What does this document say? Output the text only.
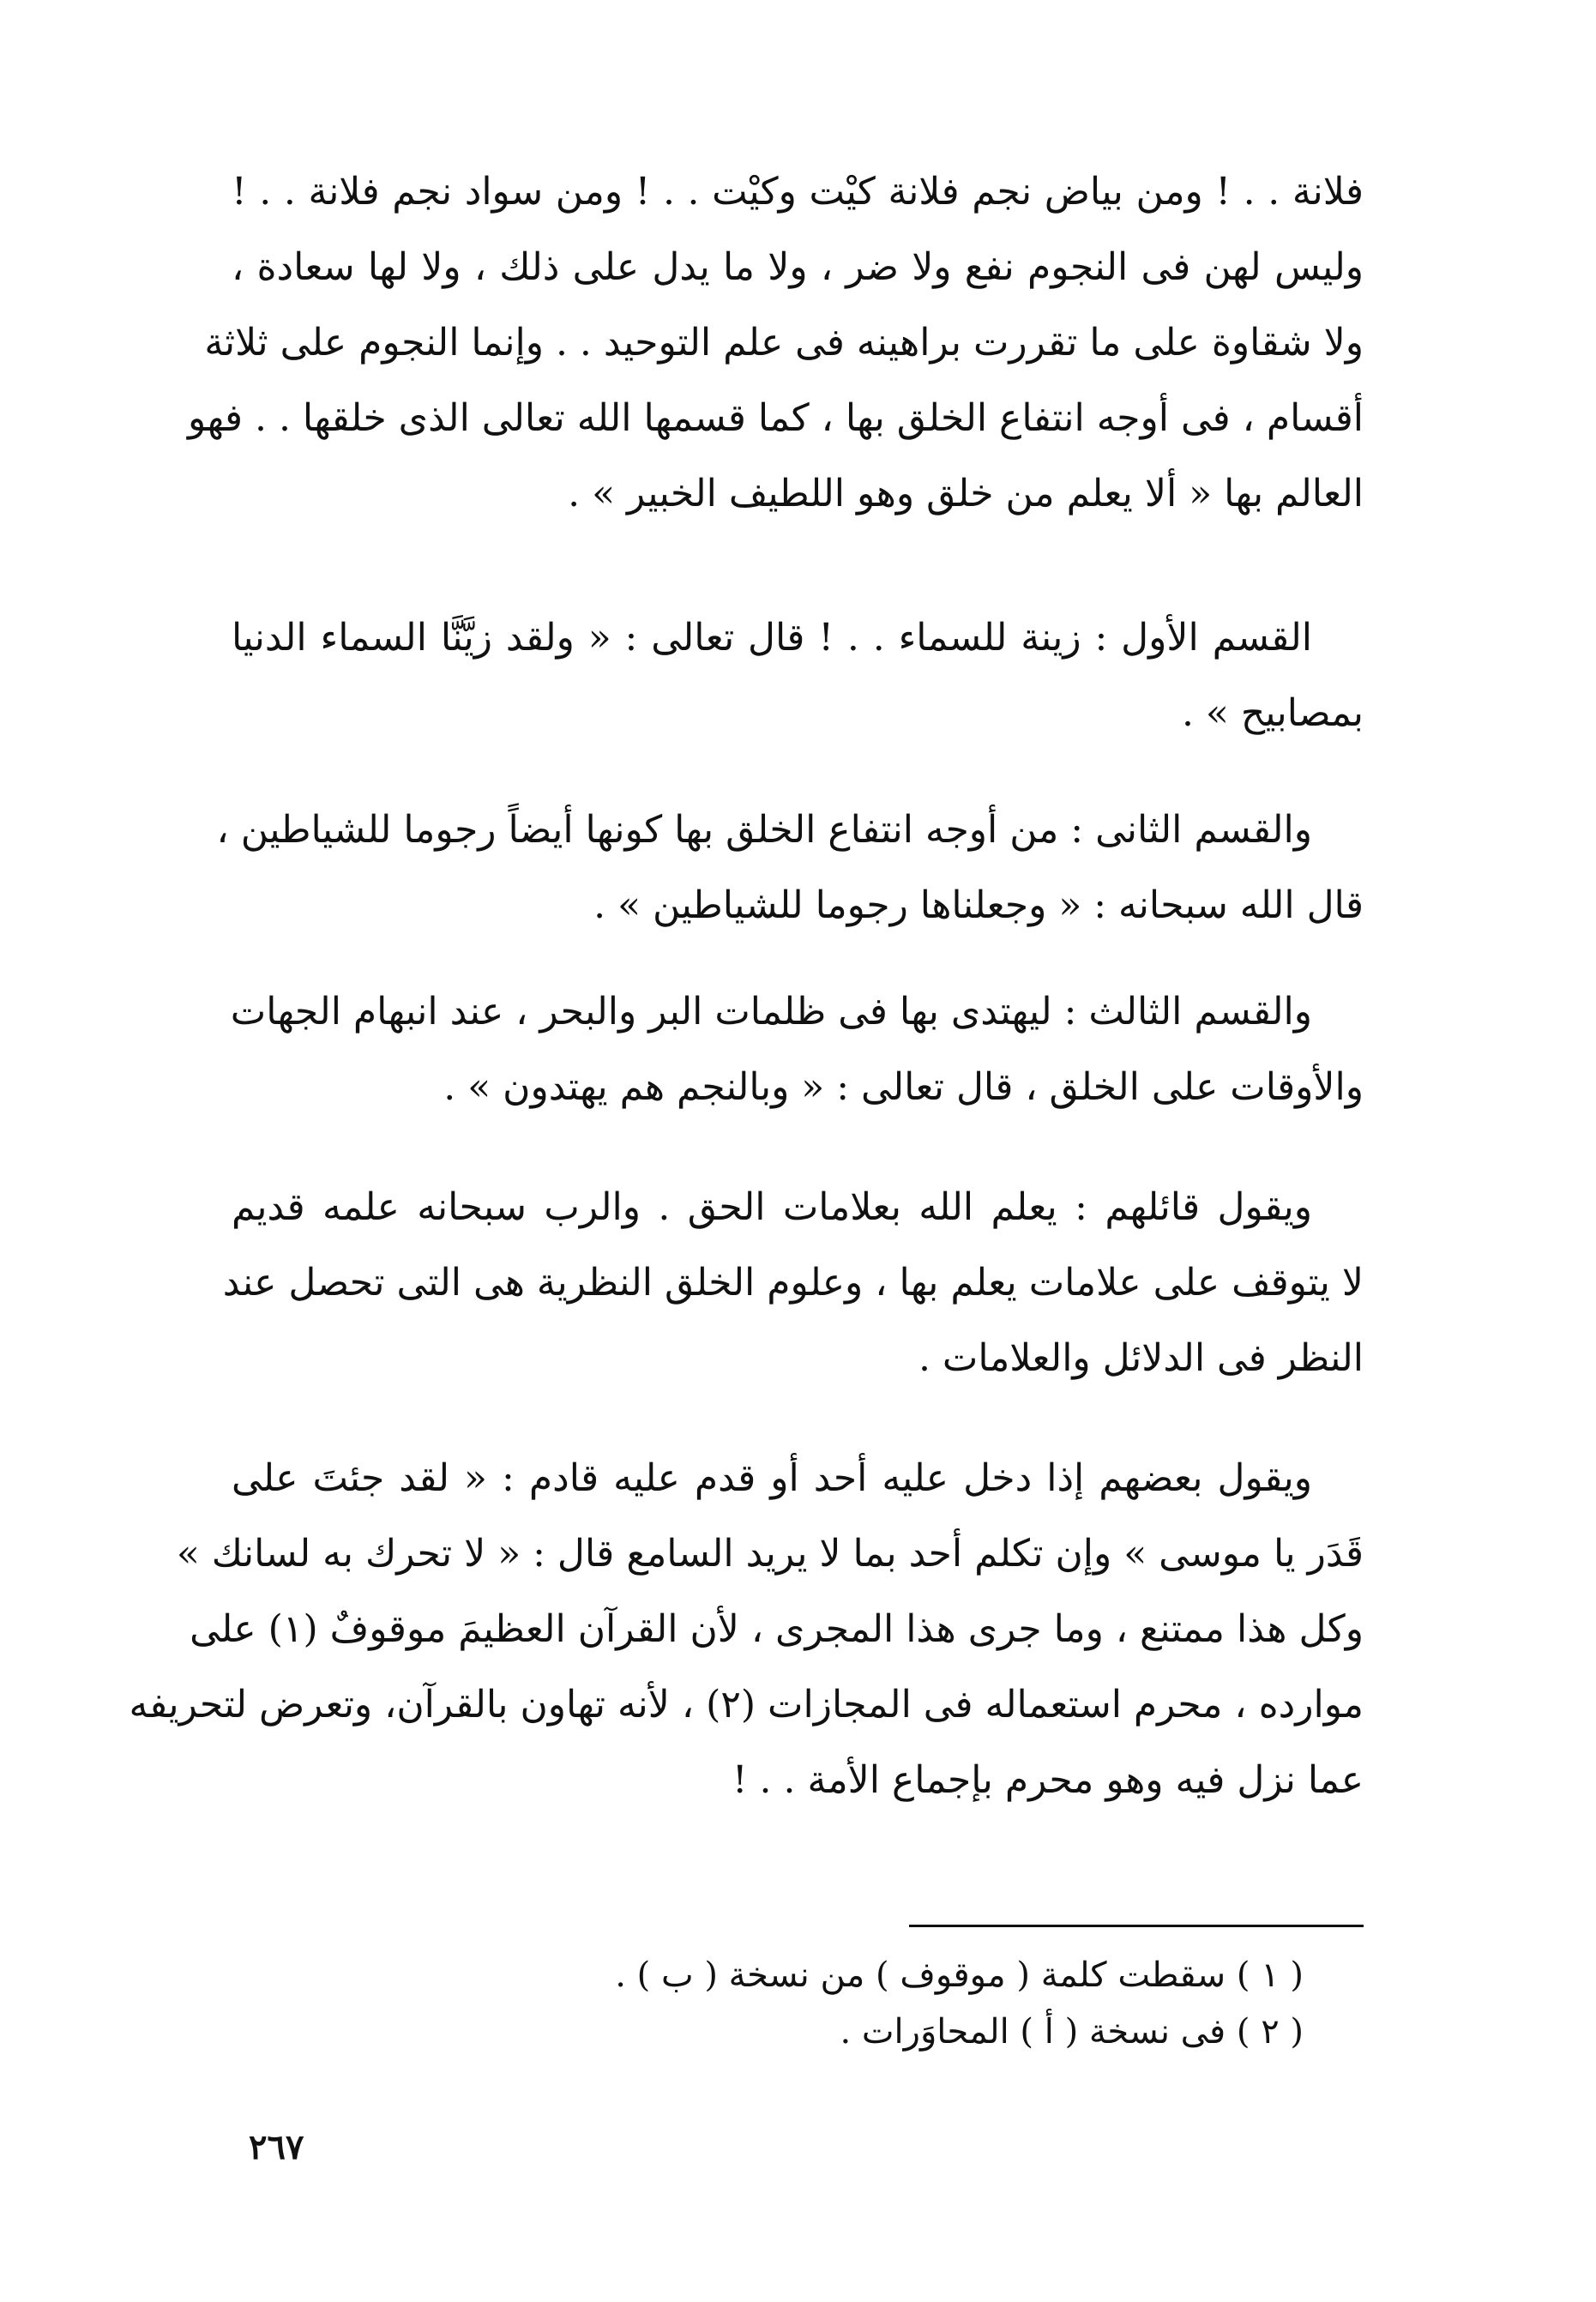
فلانة . . ! ومن بياض نجم فلانة كيْت وكيْت . . ! ومن سواد نجم فلانة . . !
وليس لهن فى النجوم نفع ولا ضر ، ولا ما يدل على ذلك ، ولا لها سعادة ،
ولا شقاوة على ما تقررت براهينه فى علم التوحيد . . وإنما النجوم على ثلاثة
أقسام ، فى أوجه انتفاع الخلق بها ، كما قسمها الله تعالى الذى خلقها . . فهو
العالم بها « ألا يعلم من خلق وهو اللطيف الخبير » .
القسم الأول : زينة للسماء . . ! قال تعالى : « ولقد زيَّنَّا السماء الدنيا
بمصابيح » .
والقسم الثانى : من أوجه انتفاع الخلق بها كونها أيضاً رجوما للشياطين ،
قال الله سبحانه : « وجعلناها رجوما للشياطين » .
والقسم الثالث : ليهتدى بها فى ظلمات البر والبحر ، عند انبهام الجهات
والأوقات على الخلق ، قال تعالى : « وبالنجم هم يهتدون » .
ويقول قائلهم : يعلم الله بعلامات الحق . والرب سبحانه علمه قديم
لا يتوقف على علامات يعلم بها ، وعلوم الخلق النظرية هى التى تحصل عند
النظر فى الدلائل والعلامات .
ويقول بعضهم إذا دخل عليه أحد أو قدم عليه قادم : « لقد جئتَ على
قَدَر يا موسى » وإن تكلم أحد بما لا يريد السامع قال : « لا تحرك به لسانك »
وكل هذا ممتنع ، وما جرى هذا المجرى ، لأن القرآن العظيمَ موقوفٌ (١) على
موارده ، محرم استعماله فى المجازات (٢) ، لأنه تهاون بالقرآن، وتعرض لتحريفه
عما نزل فيه وهو محرم بإجماع الأمة . . !
( ١ ) سقطت كلمة ( موقوف ) من نسخة ( ب ) .
( ٢ ) فى نسخة ( أ ) المحاوَرات .
٢٦٧
